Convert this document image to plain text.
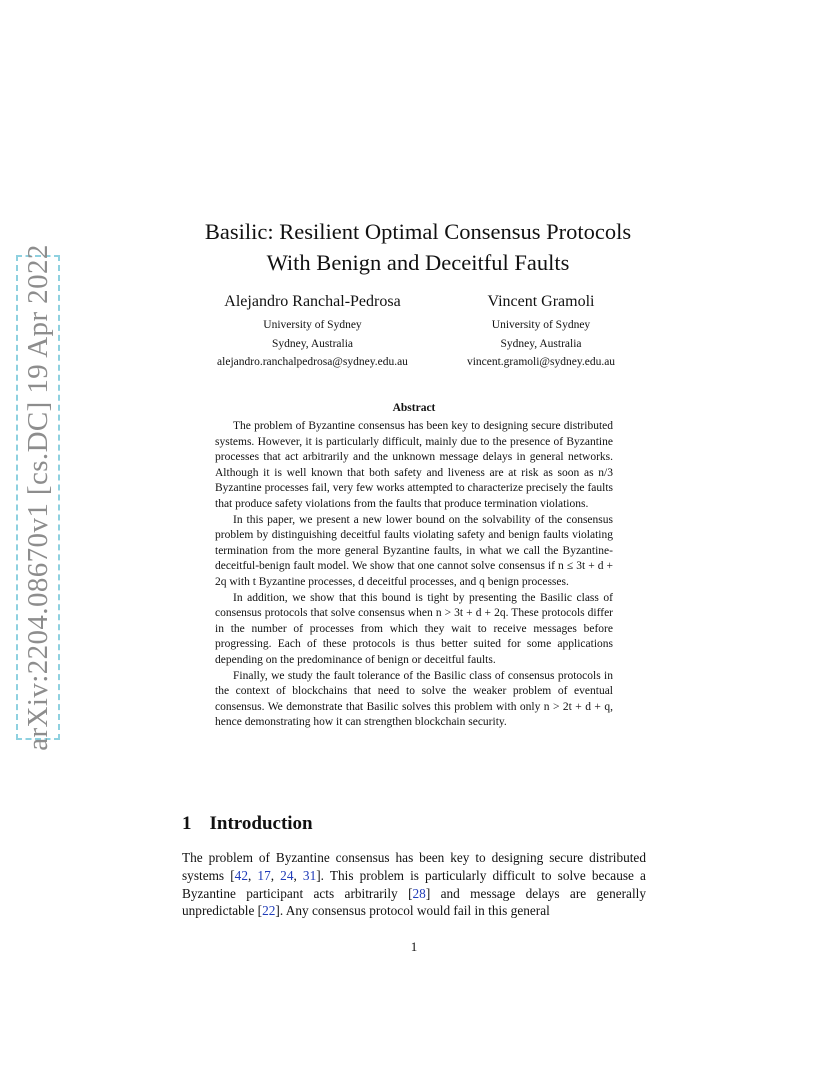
arXiv:2204.08670v1 [cs.DC] 19 Apr 2022
Basilic: Resilient Optimal Consensus Protocols
With Benign and Deceitful Faults
Alejandro Ranchal-Pedrosa
University of Sydney
Sydney, Australia
alejandro.ranchalpedrosa@sydney.edu.au
Vincent Gramoli
University of Sydney
Sydney, Australia
vincent.gramoli@sydney.edu.au
Abstract

The problem of Byzantine consensus has been key to designing secure distributed systems. However, it is particularly difficult, mainly due to the presence of Byzantine processes that act arbitrarily and the unknown message delays in general networks. Although it is well known that both safety and liveness are at risk as soon as n/3 Byzantine processes fail, very few works attempted to characterize precisely the faults that produce safety violations from the faults that produce termination violations.

In this paper, we present a new lower bound on the solvability of the consensus problem by distinguishing deceitful faults violating safety and benign faults violating termination from the more general Byzantine faults, in what we call the Byzantine-deceitful-benign fault model. We show that one cannot solve consensus if n ≤ 3t + d + 2q with t Byzantine processes, d deceitful processes, and q benign processes.

In addition, we show that this bound is tight by presenting the Basilic class of consensus protocols that solve consensus when n > 3t + d + 2q. These protocols differ in the number of processes from which they wait to receive messages before progressing. Each of these protocols is thus better suited for some applications depending on the predominance of benign or deceitful faults.

Finally, we study the fault tolerance of the Basilic class of consensus protocols in the context of blockchains that need to solve the weaker problem of eventual consensus. We demonstrate that Basilic solves this problem with only n > 2t + d + q, hence demonstrating how it can strengthen blockchain security.

1 Introduction

The problem of Byzantine consensus has been key to designing secure distributed systems [42, 17, 24, 31]. This problem is particularly difficult to solve because a Byzantine participant acts arbitrarily [28] and message delays are generally unpredictable [22]. Any consensus protocol would fail in this general

1
